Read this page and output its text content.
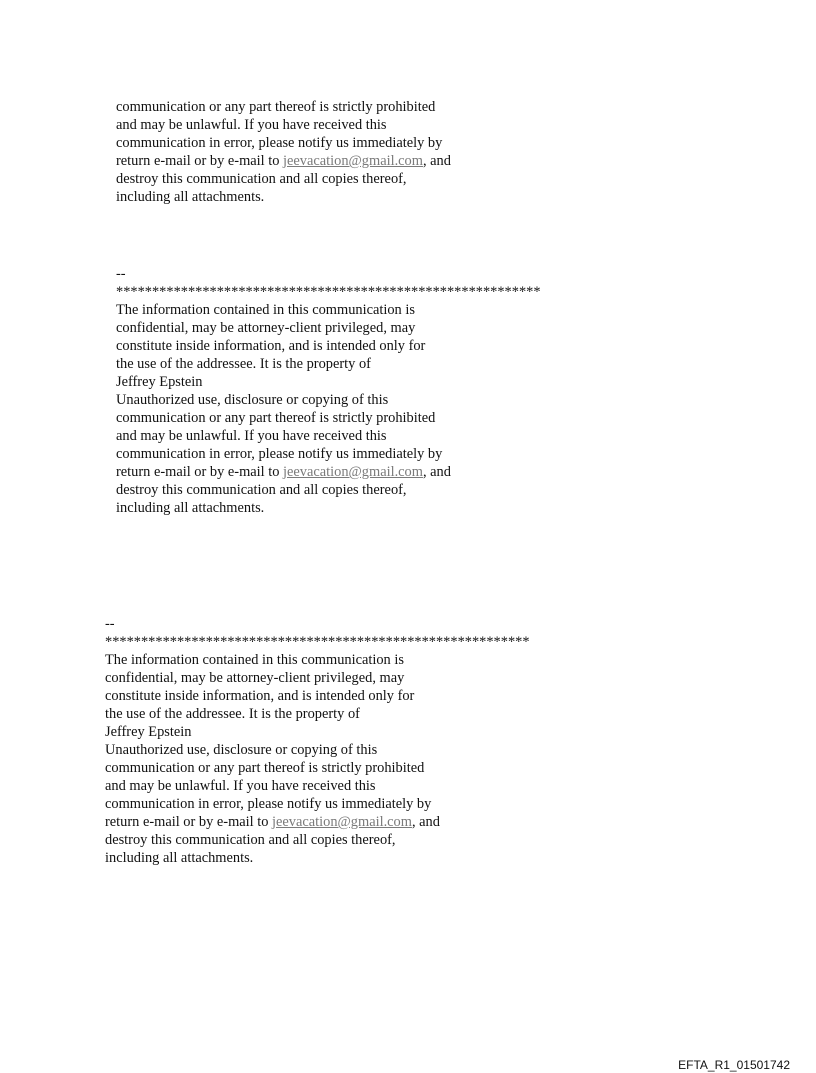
communication or any part thereof is strictly prohibited
and may be unlawful. If you have received this
communication in error, please notify us immediately by
return e-mail or by e-mail to jeevacation@gmail.com, and
destroy this communication and all copies thereof,
including all attachments.
--
***********************************************************
The information contained in this communication is
confidential, may be attorney-client privileged, may
constitute inside information, and is intended only for
the use of the addressee. It is the property of
Jeffrey Epstein
Unauthorized use, disclosure or copying of this
communication or any part thereof is strictly prohibited
and may be unlawful. If you have received this
communication in error, please notify us immediately by
return e-mail or by e-mail to jeevacation@gmail.com, and
destroy this communication and all copies thereof,
including all attachments.
--
***********************************************************
The information contained in this communication is
confidential, may be attorney-client privileged, may
constitute inside information, and is intended only for
the use of the addressee. It is the property of
Jeffrey Epstein
Unauthorized use, disclosure or copying of this
communication or any part thereof is strictly prohibited
and may be unlawful. If you have received this
communication in error, please notify us immediately by
return e-mail or by e-mail to jeevacation@gmail.com, and
destroy this communication and all copies thereof,
including all attachments.
EFTA_R1_01501742
